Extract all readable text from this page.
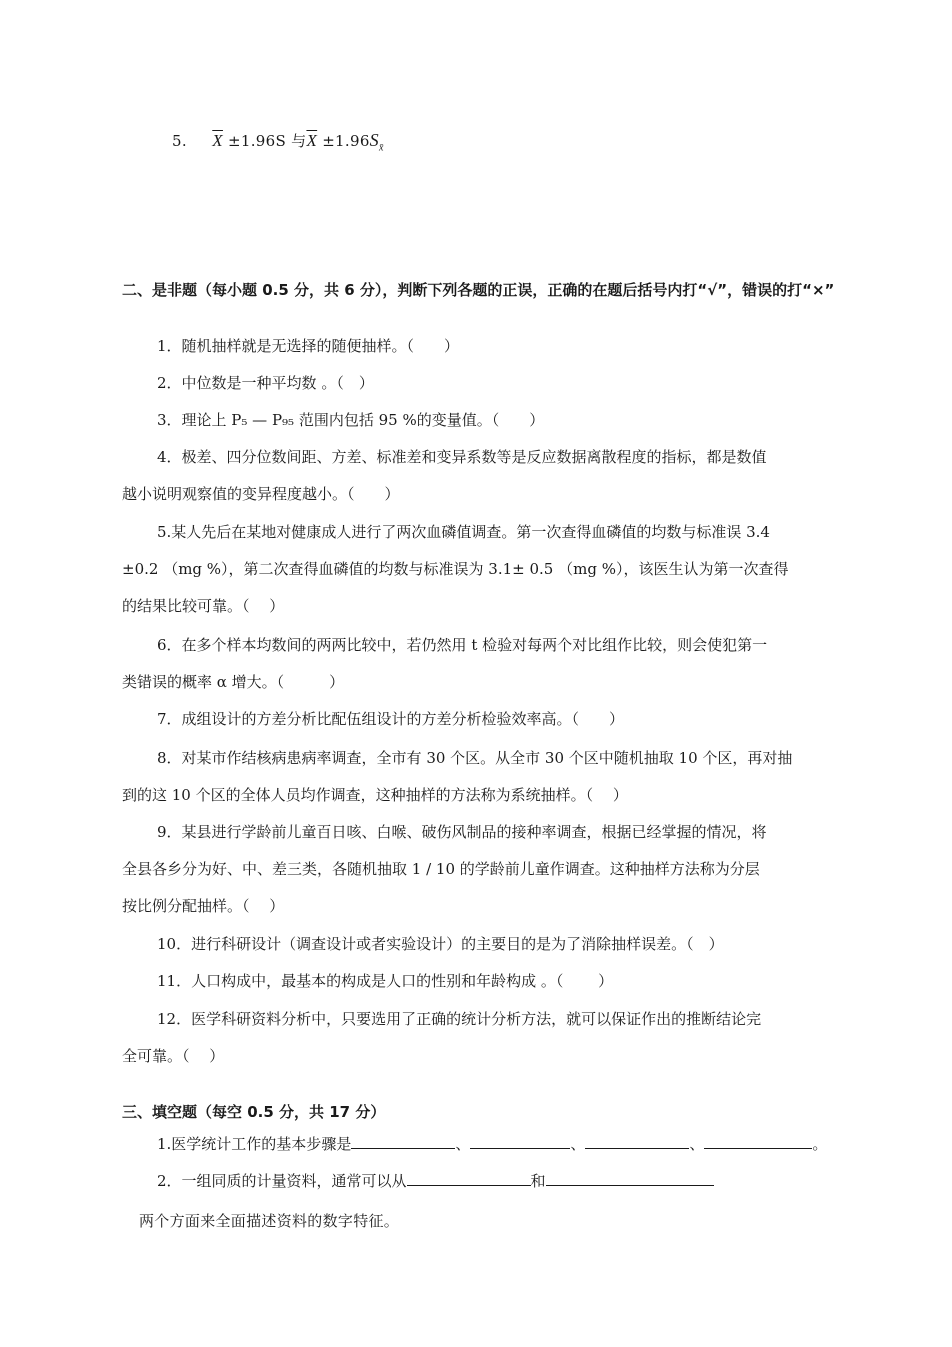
5. $\overline{X} \pm 1.96S$ 与$\overline{X} \pm 1.96S_{x̄}$
二、是非题（每小题 0.5 分，共 6 分），判断下列各题的正误，正确的在题后括号内打“√”，错误的打“×”
1．随机抽样就是无选择的随便抽样。（　　）
2．中位数是一种平均数 。（　）
3．理论上 P₅ — P₉₅ 范围内包括 95 %的变量值。（　　）
4．极差、四分位数间距、方差、标准差和变异系数等是反应数据离散程度的指标，都是数值
越小说明观察值的变异程度越小。（　　）
5.某人先后在某地对健康成人进行了两次血磷值调查。第一次查得血磷值的均数与标准误 3.4
±0.2 （mg %），第二次查得血磷值的均数与标准误为 3.1± 0.5 （mg %），该医生认为第一次查得
的结果比较可靠。（　 ）
6．在多个样本均数间的两两比较中，若仍然用 t 检验对每两个对比组作比较，则会使犯第一
类错误的概率 α 增大。（　　　）
7．成组设计的方差分析比配伍组设计的方差分析检验效率高。（　　）
8．对某市作结核病患病率调查，全市有 30 个区。从全市 30 个区中随机抽取 10 个区，再对抽
到的这 10 个区的全体人员均作调查，这种抽样的方法称为系统抽样。（　 ）
9．某县进行学龄前儿童百日咳、白喉、破伤风制品的接种率调查，根据已经掌握的情况，将
全县各乡分为好、中、差三类，各随机抽取 1 / 10 的学龄前儿童作调查。这种抽样方法称为分层
按比例分配抽样。（　 ）
10．进行科研设计（调查设计或者实验设计）的主要目的是为了消除抽样误差。（　）
11．人口构成中，最基本的构成是人口的性别和年龄构成 。（　　 ）
12．医学科研资料分析中，只要选用了正确的统计分析方法，就可以保证作出的推断结论完
全可靠。（　 ）
三、填空题（每空 0.5 分，共 17 分）
1.医学统计工作的基本步骤是	、	、	、	。
2．一组同质的计量资料，通常可以从	和
两个方面来全面描述资料的数字特征。
